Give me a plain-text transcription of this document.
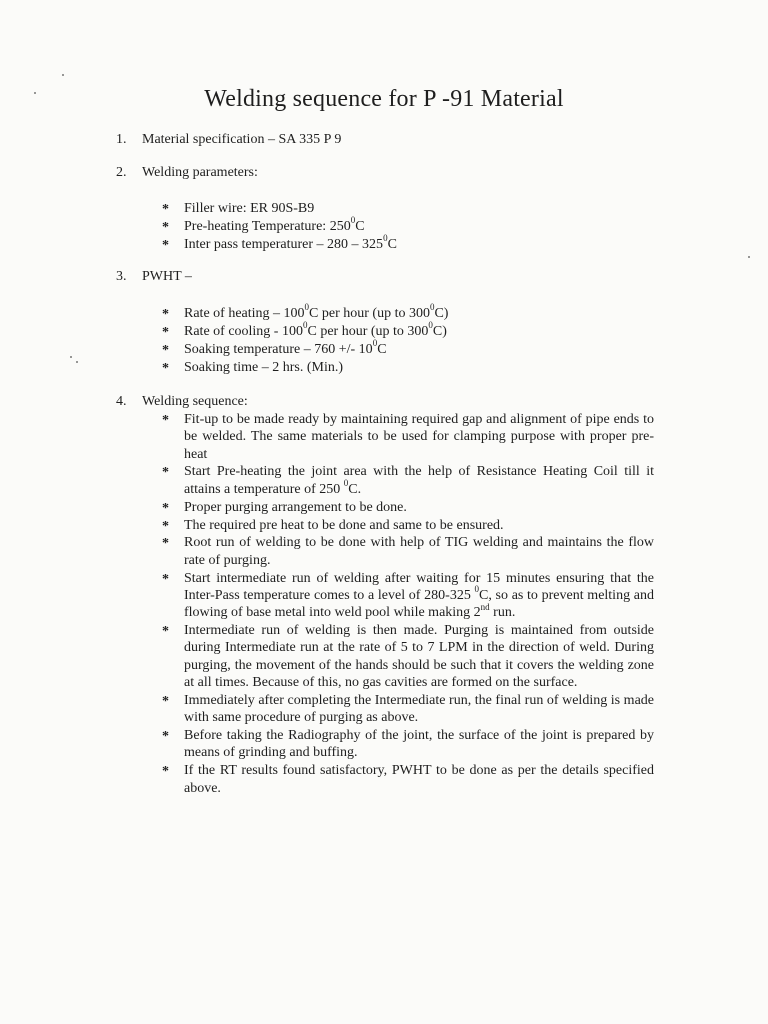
Welding sequence for P -91 Material
1. Material specification – SA 335 P 9
2. Welding parameters:
* Filler wire: ER 90S-B9
* Pre-heating Temperature: $250^0C$
* Inter pass temperaturer – $280 - 325^0C$
3. PWHT –
* Rate of heating – $100^0C$ per hour (up to $300^0C$)
* Rate of cooling - $100^0C$ per hour (up to $300^0C$)
* Soaking temperature – 760 +/- $10^0C$
* Soaking time – 2 hrs. (Min.)
4. Welding sequence:
* Fit-up to be made ready by maintaining required gap and alignment of pipe ends to be welded. The same materials to be used for clamping purpose with proper pre-heat
* Start Pre-heating the joint area with the help of Resistance Heating Coil till it attains a temperature of 250 $^0$C.
* Proper purging arrangement to be done.
* The required pre heat to be done and same to be ensured.
* Root run of welding to be done with help of TIG welding and maintains the flow rate of purging.
* Start intermediate run of welding after waiting for 15 minutes ensuring that the Inter-Pass temperature comes to a level of 280-325 $^0$C, so as to prevent melting and flowing of base metal into weld pool while making 2nd run.
* Intermediate run of welding is then made. Purging is maintained from outside during Intermediate run at the rate of 5 to 7 LPM in the direction of weld. During purging, the movement of the hands should be such that it covers the welding zone at all times. Because of this, no gas cavities are formed on the surface.
* Immediately after completing the Intermediate run, the final run of welding is made with same procedure of purging as above.
* Before taking the Radiography of the joint, the surface of the joint is prepared by means of grinding and buffing.
* If the RT results found satisfactory, PWHT to be done as per the details specified above.
